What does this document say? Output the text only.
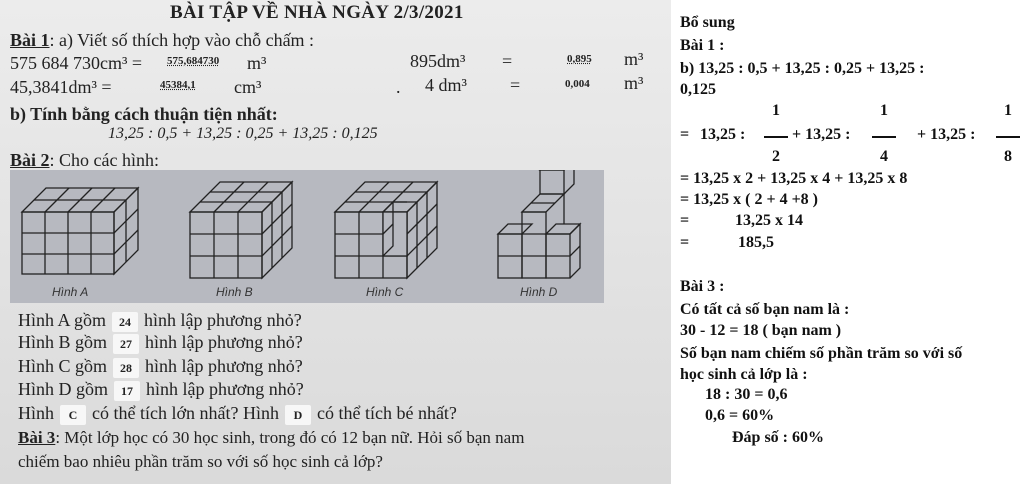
BÀI TẬP VỀ NHÀ NGÀY 2/3/2021
Bài 1: a) Viết số thích hợp vào chỗ chấm :
575 684 730cm³ = 575,684730 m³	895dm³ =	0,895 m³
45,3841dm³ =	45384,1 cm³	. 4 dm³ =	0,004 m³
b) Tính bằng cách thuận tiện nhất:
13,25 : 0,5 + 13,25 : 0,25 + 13,25 : 0,125
Bài 2: Cho các hình:
Hình A	Hình B	Hình C	Hình D
Hình A gồm 24 hình lập phương nhỏ?
Hình B gồm 27 hình lập phương nhỏ?
Hình C gồm 28 hình lập phương nhỏ?
Hình D gồm 17 hình lập phương nhỏ?
Hình C có thể tích lớn nhất? Hình D có thể tích bé nhất?
Bài 3: Một lớp học có 30 học sinh, trong đó có 12 bạn nữ. Hỏi số bạn nam
chiếm bao nhiêu phần trăm so với số học sinh cả lớp?
Bổ sung
Bài 1 :
b) 13,25 : 0,5 + 13,25 : 0,25 + 13,25 :
0,125
= 13,25 :
1
2
+ 13,25 :
1
4
+ 13,25 :
1
8
= 13,25 x 2 + 13,25 x 4 + 13,25 x 8
= 13,25 x ( 2 + 4 +8 )
=	13,25 x 14
=	185,5
Bài 3 :
Có tất cả số bạn nam là :
30 - 12 = 18 ( bạn nam )
Số bạn nam chiếm số phần trăm so với số
học sinh cả lớp là :
18 : 30 = 0,6
0,6 = 60%
Đáp số : 60%
